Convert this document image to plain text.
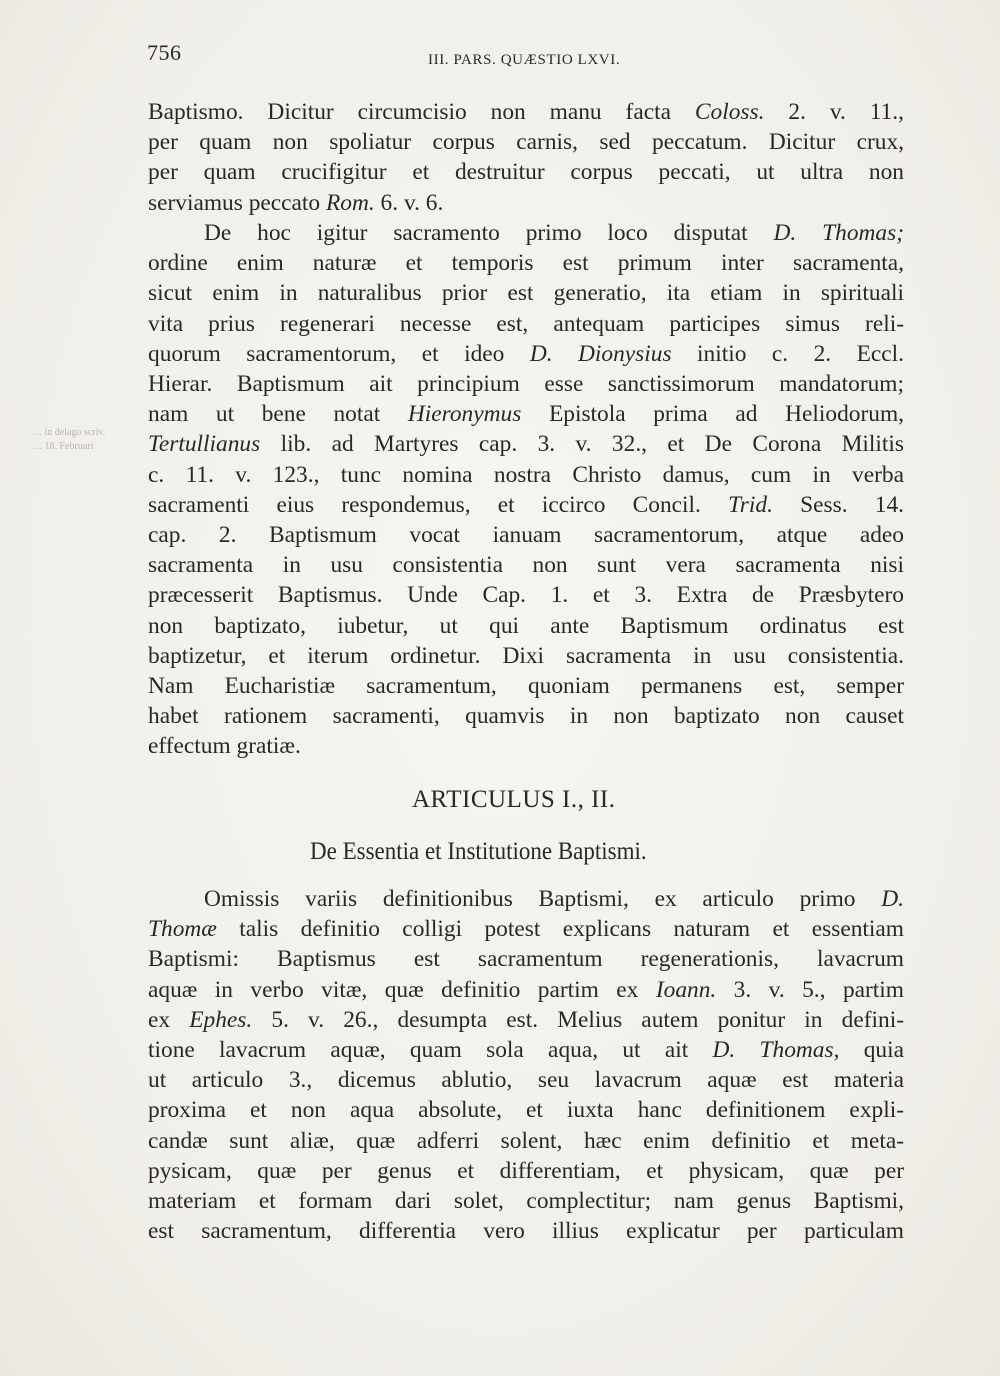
756	III. PARS. QUÆSTIO LXVI.
… in delago scriv.
… 18. Februari
Baptismo. Dicitur circumcisio non manu facta Coloss. 2. v. 11.,
per quam non spoliatur corpus carnis, sed peccatum. Dicitur crux,
per quam crucifigitur et destruitur corpus peccati, ut ultra non
serviamus peccato Rom. 6. v. 6.
De hoc igitur sacramento primo loco disputat D. Thomas;
ordine enim naturæ et temporis est primum inter sacramenta,
sicut enim in naturalibus prior est generatio, ita etiam in spirituali
vita prius regenerari necesse est, antequam participes simus reli-
quorum sacramentorum, et ideo D. Dionysius initio c. 2. Eccl.
Hierar. Baptismum ait principium esse sanctissimorum mandatorum;
nam ut bene notat Hieronymus Epistola prima ad Heliodorum,
Tertullianus lib. ad Martyres cap. 3. v. 32., et De Corona Militis
c. 11. v. 123., tunc nomina nostra Christo damus, cum in verba
sacramenti eius respondemus, et iccirco Concil. Trid. Sess. 14.
cap. 2. Baptismum vocat ianuam sacramentorum, atque adeo
sacramenta in usu consistentia non sunt vera sacramenta nisi
præcesserit Baptismus. Unde Cap. 1. et 3. Extra de Præsbytero
non baptizato, iubetur, ut qui ante Baptismum ordinatus est
baptizetur, et iterum ordinetur. Dixi sacramenta in usu consistentia.
Nam Eucharistiæ sacramentum, quoniam permanens est, semper
habet rationem sacramenti, quamvis in non baptizato non causet
effectum gratiæ.
ARTICULUS I., II.
De Essentia et Institutione Baptismi.
Omissis variis definitionibus Baptismi, ex articulo primo D.
Thomæ talis definitio colligi potest explicans naturam et essentiam
Baptismi: Baptismus est sacramentum regenerationis, lavacrum
aquæ in verbo vitæ, quæ definitio partim ex Ioann. 3. v. 5., partim
ex Ephes. 5. v. 26., desumpta est. Melius autem ponitur in defini-
tione lavacrum aquæ, quam sola aqua, ut ait D. Thomas, quia
ut articulo 3., dicemus ablutio, seu lavacrum aquæ est materia
proxima et non aqua absolute, et iuxta hanc definitionem expli-
candæ sunt aliæ, quæ adferri solent, hæc enim definitio et meta-
pysicam, quæ per genus et differentiam, et physicam, quæ per
materiam et formam dari solet, complectitur; nam genus Baptismi,
est sacramentum, differentia vero illius explicatur per particulam
